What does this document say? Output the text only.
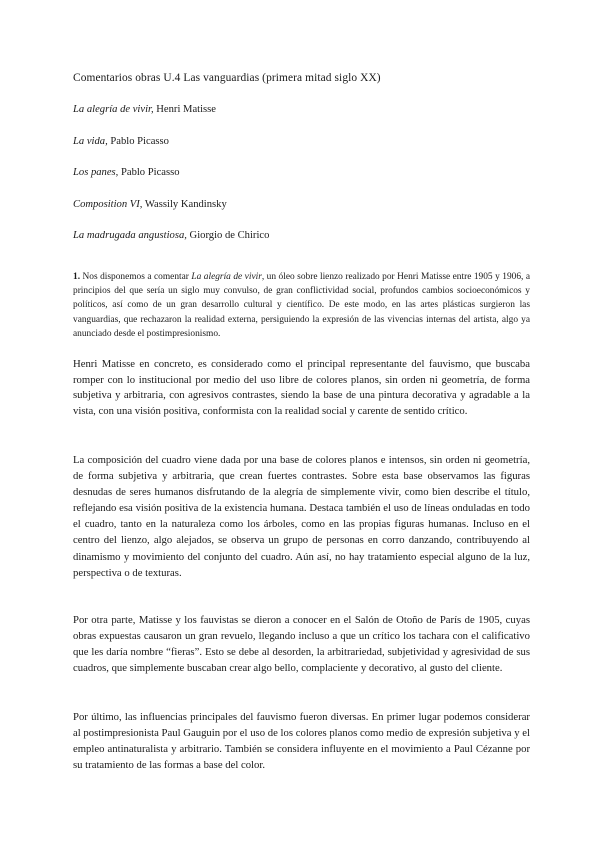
Comentarios obras U.4 Las vanguardias (primera mitad siglo XX)
La alegría de vivir, Henri Matisse
La vida, Pablo Picasso
Los panes, Pablo Picasso
Composition VI, Wassily Kandinsky
La madrugada angustiosa, Giorgio de Chirico

1. Nos disponemos a comentar La alegría de vivir, un óleo sobre lienzo realizado por Henri Matisse entre 1905 y 1906, a principios del que sería un siglo muy convulso, de gran conflictividad social, profundos cambios socioeconómicos y políticos, así como de un gran desarrollo cultural y científico. De este modo, en las artes plásticas surgieron las vanguardias, que rechazaron la realidad externa, persiguiendo la expresión de las vivencias internas del artista, algo ya anunciado desde el postimpresionismo.

Henri Matisse en concreto, es considerado como el principal representante del fauvismo, que buscaba romper con lo institucional por medio del uso libre de colores planos, sin orden ni geometría, de forma subjetiva y arbitraria, con agresivos contrastes, siendo la base de una pintura decorativa y agradable a la vista, con una visión positiva, conformista con la realidad social y carente de sentido crítico.

La composición del cuadro viene dada por una base de colores planos e intensos, sin orden ni geometría, de forma subjetiva y arbitraria, que crean fuertes contrastes. Sobre esta base observamos las figuras desnudas de seres humanos disfrutando de la alegría de simplemente vivir, como bien describe el título, reflejando esa visión positiva de la existencia humana. Destaca también el uso de líneas onduladas en todo el cuadro, tanto en la naturaleza como los árboles, como en las propias figuras humanas. Incluso en el centro del lienzo, algo alejados, se observa un grupo de personas en corro danzando, contribuyendo al dinamismo y movimiento del conjunto del cuadro. Aún así, no hay tratamiento especial alguno de la luz, perspectiva o de texturas.

Por otra parte, Matisse y los fauvistas se dieron a conocer en el Salón de Otoño de París de 1905, cuyas obras expuestas causaron un gran revuelo, llegando incluso a que un crítico los tachara con el calificativo que les daría nombre “fieras”. Esto se debe al desorden, la arbitrariedad, subjetividad y agresividad de sus cuadros, que simplemente buscaban crear algo bello, complaciente y decorativo, al gusto del cliente.

Por último, las influencias principales del fauvismo fueron diversas. En primer lugar podemos considerar al postimpresionista Paul Gauguin por el uso de los colores planos como medio de expresión subjetiva y el empleo antinaturalista y arbitrario. También se considera influyente en el movimiento a Paul Cézanne por su tratamiento de las formas a base del color.
